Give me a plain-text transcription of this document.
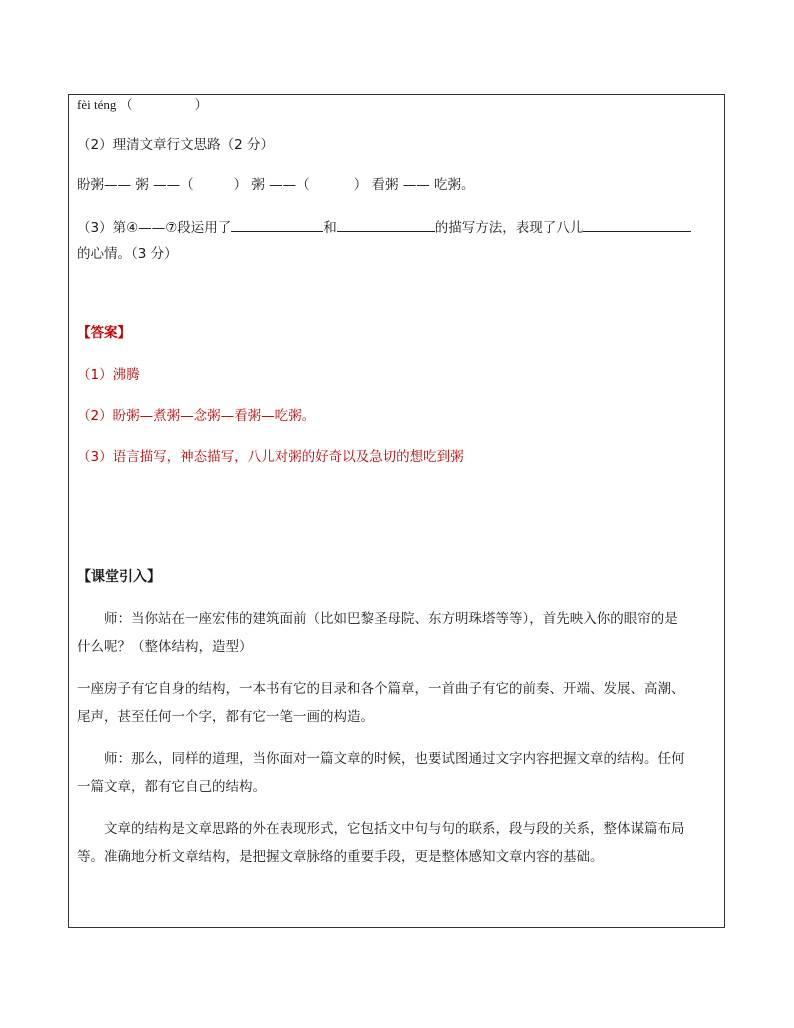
fèi téng （	）
（2）理清文章行文思路（2 分）
盼粥—— 粥 ——（	） 粥 ——（	） 看粥 —— 吃粥。
（3）第④——⑦段运用了	和	的描写方法，表现了八儿
的心情。（3 分）
【答案】
（1）沸腾
（2）盼粥—煮粥—念粥—看粥—吃粥。
（3）语言描写，神态描写，八儿对粥的好奇以及急切的想吃到粥
【课堂引入】
师：当你站在一座宏伟的建筑面前（比如巴黎圣母院、东方明珠塔等等），首先映入你的眼帘的是
什么呢？（整体结构，造型）
一座房子有它自身的结构，一本书有它的目录和各个篇章，一首曲子有它的前奏、开端、发展、高潮、
尾声，甚至任何一个字，都有它一笔一画的构造。
师：那么，同样的道理，当你面对一篇文章的时候，也要试图通过文字内容把握文章的结构。任何
一篇文章，都有它自己的结构。
文章的结构是文章思路的外在表现形式，它包括文中句与句的联系，段与段的关系，整体谋篇布局
等。准确地分析文章结构，是把握文章脉络的重要手段，更是整体感知文章内容的基础。
